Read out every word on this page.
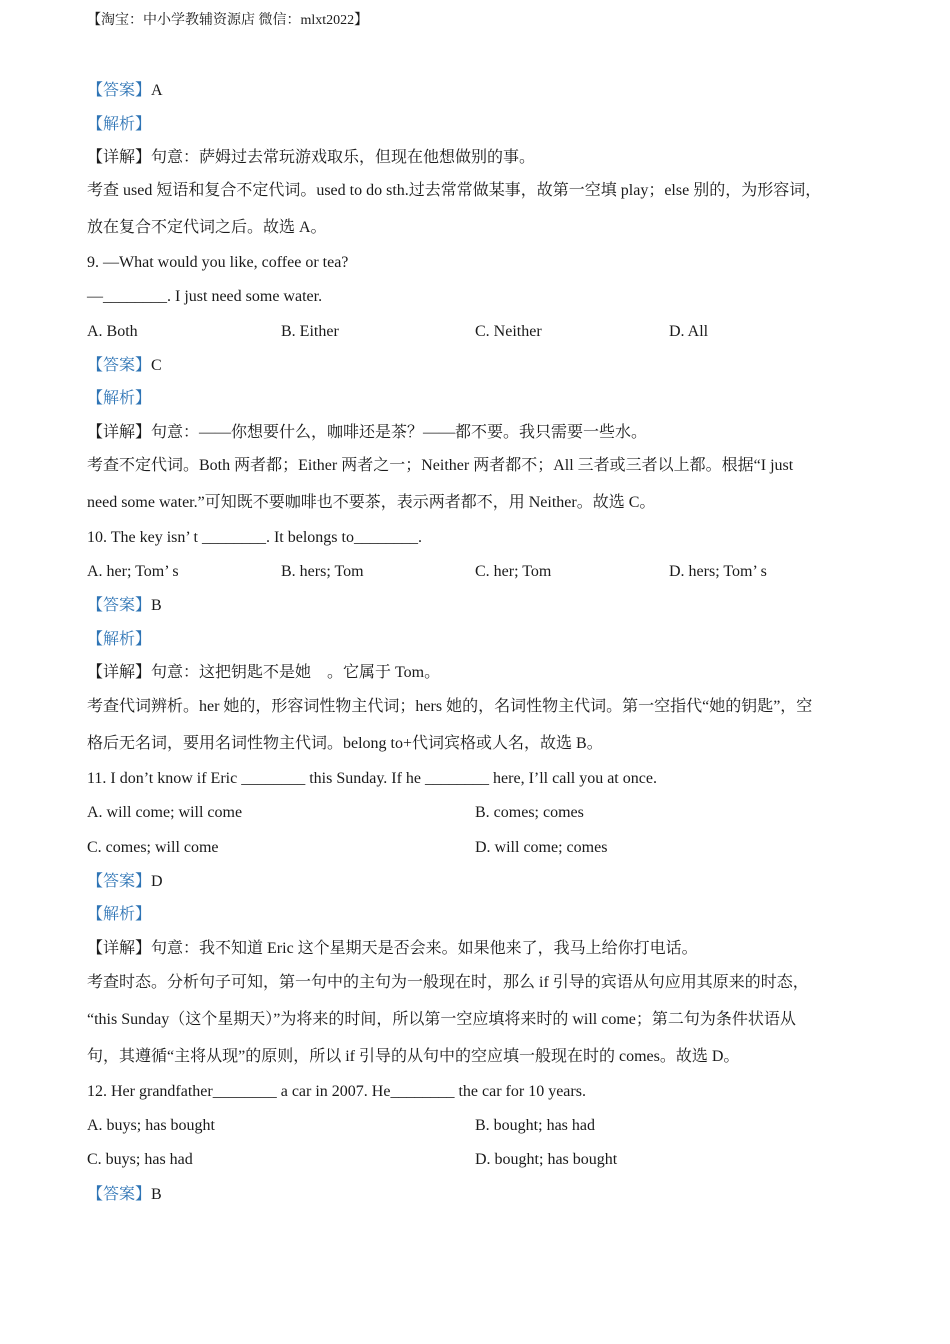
【淘宝：中小学教辅资源店 微信：mlxt2022】
【答案】A
【解析】
【详解】句意：萨姆过去常玩游戏取乐，但现在他想做别的事。
考查 used 短语和复合不定代词。used to do sth.过去常常做某事，故第一空填 play；else 别的，为形容词，
放在复合不定代词之后。故选 A。
9. —What would you like, coffee or tea?
—________. I just need some water.
A. Both	B. Either	C. Neither	D. All
【答案】C
【解析】
【详解】句意：——你想要什么，咖啡还是茶？——都不要。我只需要一些水。
考查不定代词。Both 两者都；Either 两者之一；Neither 两者都不；All 三者或三者以上都。根据“I just
need some water.”可知既不要咖啡也不要茶，表示两者都不，用 Neither。故选 C。
10. The key isn’ t ________. It belongs to________.
A. her; Tom’ s	B. hers; Tom	C. her; Tom	D. hers; Tom’ s
【答案】B
【解析】
【详解】句意：这把钥匙不是她    。它属于 Tom。
考查代词辨析。her 她的，形容词性物主代词；hers 她的，名词性物主代词。第一空指代“她的钥匙”，空
格后无名词，要用名词性物主代词。belong to+代词宾格或人名，故选 B。
11. I don’t know if Eric ________ this Sunday. If he ________ here, I’ll call you at once.
A. will come; will come	B. comes; comes
C. comes; will come	D. will come; comes
【答案】D
【解析】
【详解】句意：我不知道 Eric 这个星期天是否会来。如果他来了，我马上给你打电话。
考查时态。分析句子可知，第一句中的主句为一般现在时，那么 if 引导的宾语从句应用其原来的时态，
“this Sunday（这个星期天）”为将来的时间，所以第一空应填将来时的 will come；第二句为条件状语从
句，其遵循“主将从现”的原则，所以 if 引导的从句中的空应填一般现在时的 comes。故选 D。
12. Her grandfather________ a car in 2007. He________ the car for 10 years.
A. buys; has bought	B. bought; has had
C. buys; has had	D. bought; has bought
【答案】B
